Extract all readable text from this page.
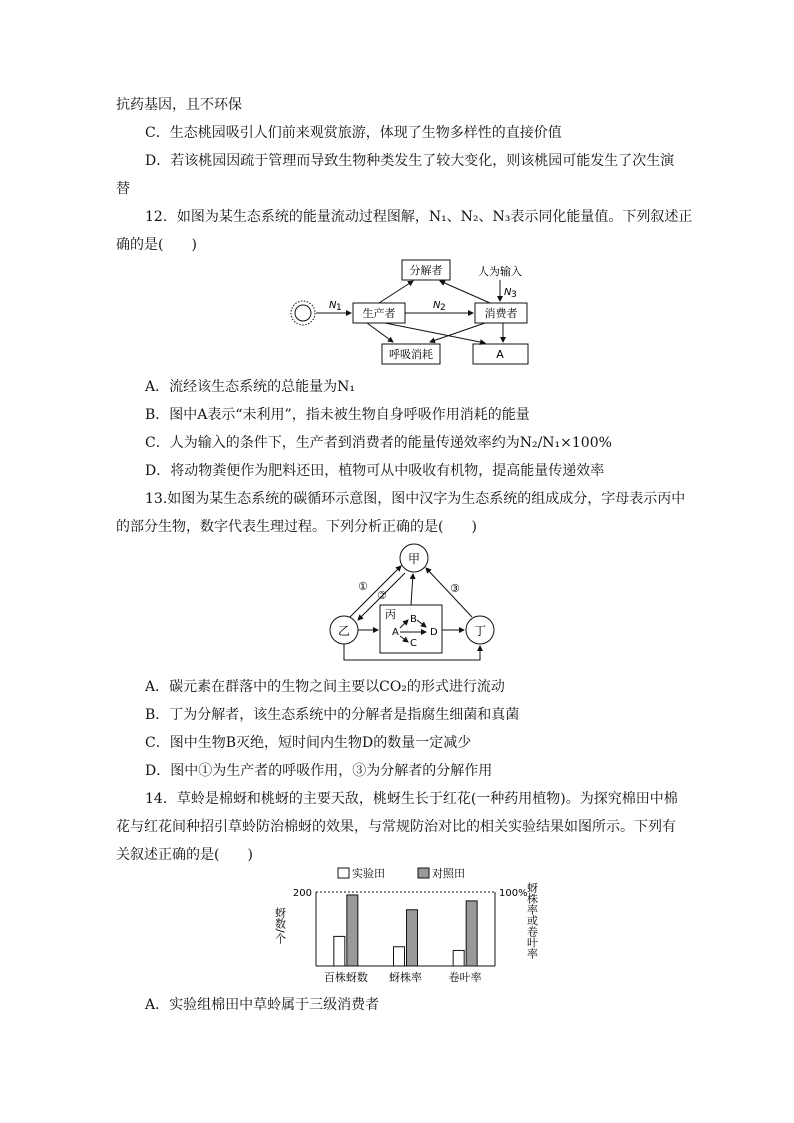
抗药基因，且不环保
C．生态桃园吸引人们前来观赏旅游，体现了生物多样性的直接价值
D．若该桃园因疏于管理而导致生物种类发生了较大变化，则该桃园可能发生了次生演
替
12．如图为某生态系统的能量流动过程图解，N₁、N₂、N₃表示同化能量值。下列叙述正
确的是(　　)
N 1
分解者	人为输入
N 3
生产者	消费者
N 2
呼吸消耗	A
A．流经该生态系统的总能量为N₁
B．图中A表示“未利用”，指未被生物自身呼吸作用消耗的能量
C．人为输入的条件下，生产者到消费者的能量传递效率约为N₂/N₁×100%
D．将动物粪便作为肥料还田，植物可从中吸收有机物，提高能量传递效率
13.如图为某生态系统的碳循环示意图，图中汉字为生态系统的组成成分，字母表示丙中
的部分生物，数字代表生理过程。下列分析正确的是(　　)
甲
乙	丁
丙
A
B
D
C
①
②
③
A．碳元素在群落中的生物之间主要以CO₂的形式进行流动
B．丁为分解者，该生态系统中的分解者是指腐生细菌和真菌
C．图中生物B灭绝，短时间内生物D的数量一定减少
D．图中①为生产者的呼吸作用，③为分解者的分解作用
14．草蛉是棉蚜和桃蚜的主要天敌，桃蚜生长于红花(一种药用植物)。为探究棉田中棉
花与红花间种招引草蛉防治棉蚜的效果，与常规防治对比的相关实验结果如图所示。下列有
关叙述正确的是(　　)
实验田	对照田
200	100%
蚜数/个	蚜株率或卷叶率
百株蚜数 蚜株率 卷叶率
A．实验组棉田中草蛉属于三级消费者
